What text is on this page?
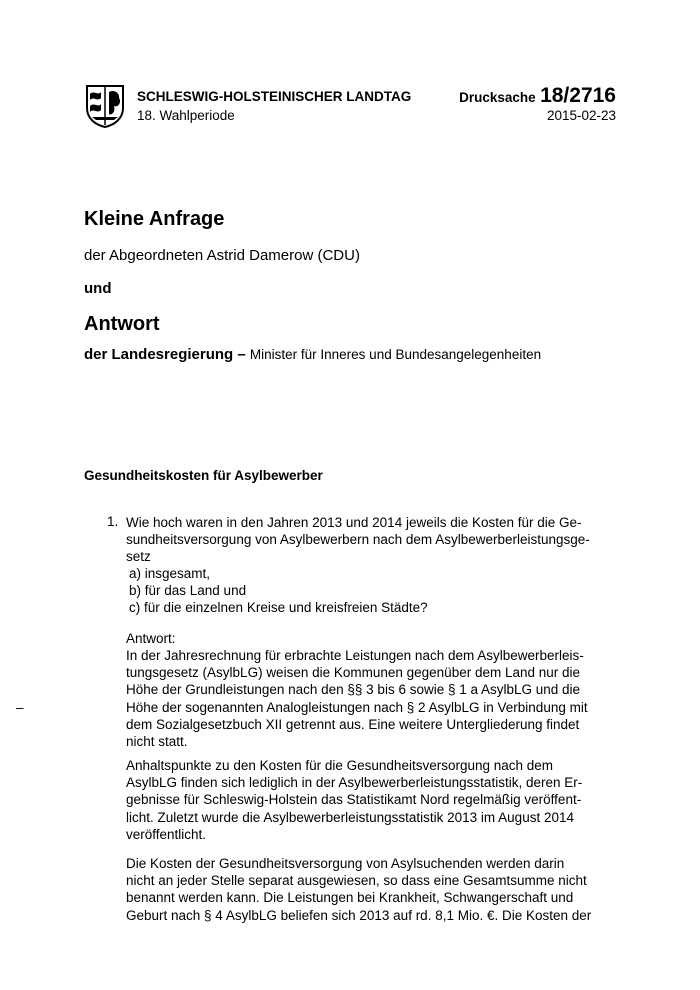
SCHLESWIG-HOLSTEINISCHER LANDTAG
18. Wahlperiode
Drucksache 18/2716
2015-02-23
Kleine Anfrage
der Abgeordneten Astrid Damerow (CDU)
und
Antwort
der Landesregierung – Minister für Inneres und Bundesangelegenheiten
Gesundheitskosten für Asylbewerber
1. Wie hoch waren in den Jahren 2013 und 2014 jeweils die Kosten für die Ge-
sundheitsversorgung von Asylbewerbern nach dem Asylbewerberleistungsge-
setz
a) insgesamt,
b) für das Land und
c) für die einzelnen Kreise und kreisfreien Städte?
Antwort:
In der Jahresrechnung für erbrachte Leistungen nach dem Asylbewerberleis-
tungsgesetz (AsylbLG) weisen die Kommunen gegenüber dem Land nur die
Höhe der Grundleistungen nach den §§ 3 bis 6 sowie § 1 a AsylbLG und die
Höhe der sogenannten Analogleistungen nach § 2 AsylbLG in Verbindung mit
dem Sozialgesetzbuch XII getrennt aus. Eine weitere Untergliederung findet
nicht statt.
Anhaltspunkte zu den Kosten für die Gesundheitsversorgung nach dem
AsylbLG finden sich lediglich in der Asylbewerberleistungsstatistik, deren Er-
gebnisse für Schleswig-Holstein das Statistikamt Nord regelmäßig veröffent-
licht. Zuletzt wurde die Asylbewerberleistungsstatistik 2013 im August 2014
veröffentlicht.
Die Kosten der Gesundheitsversorgung von Asylsuchenden werden darin
nicht an jeder Stelle separat ausgewiesen, so dass eine Gesamtsumme nicht
benannt werden kann. Die Leistungen bei Krankheit, Schwangerschaft und
Geburt nach § 4 AsylbLG beliefen sich 2013 auf rd. 8,1 Mio. €. Die Kosten der
–
